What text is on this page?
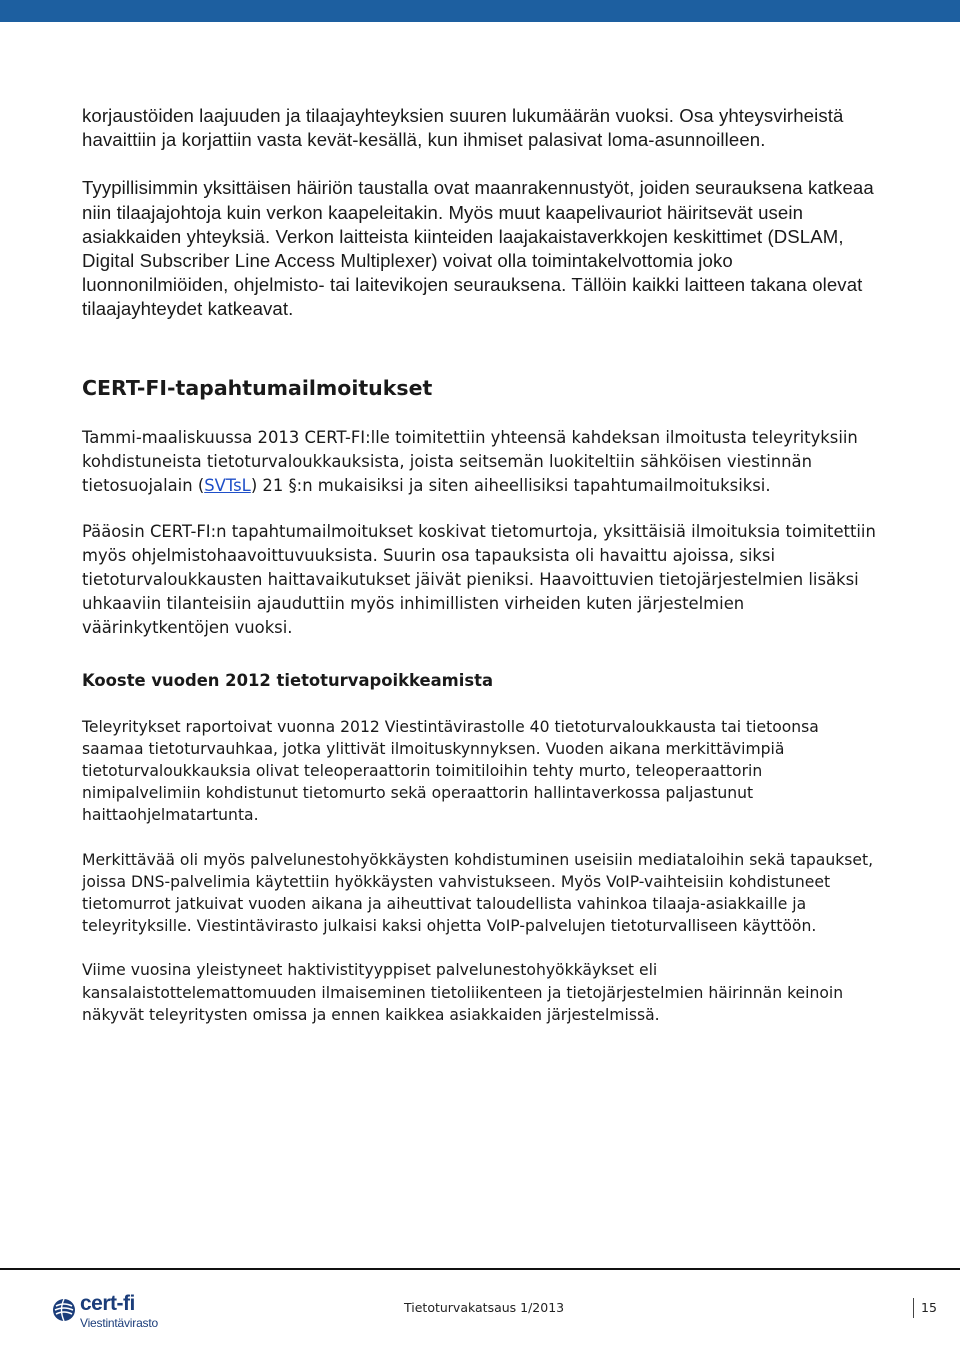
korjaustöiden laajuuden ja tilaajayhteyksien suuren lukumäärän vuoksi. Osa yhteysvirheistä havaittiin ja korjattiin vasta kevät-kesällä, kun ihmiset palasivat loma-asunnoilleen.

Tyypillisimmin yksittäisen häiriön taustalla ovat maanrakennustyöt, joiden seurauksena katkeaa niin tilaajajohtoja kuin verkon kaapeleitakin. Myös muut kaapelivauriot häiritsevät usein asiakkaiden yhteyksiä. Verkon laitteista kiinteiden laajakaistaverkkojen keskittimet (DSLAM, Digital Subscriber Line Access Multiplexer) voivat olla toimintakelvottomia joko luonnonilmiöiden, ohjelmisto- tai laitevikojen seurauksena. Tällöin kaikki laitteen takana olevat tilaajayhteydet katkeavat.

CERT-FI-tapahtumailmoitukset

Tammi-maaliskuussa 2013 CERT-FI:lle toimitettiin yhteensä kahdeksan ilmoitusta teleyrityksiin kohdistuneista tietoturvaloukkauksista, joista seitsemän luokiteltiin sähköisen viestinnän tietosuojalain (SVTsL) 21 §:n mukaisiksi ja siten aiheellisiksi tapahtumailmoituksiksi.

Pääosin CERT-FI:n tapahtumailmoitukset koskivat tietomurtoja, yksittäisiä ilmoituksia toimitettiin myös ohjelmistohaavoittuvuuksista. Suurin osa tapauksista oli havaittu ajoissa, siksi tietoturvaloukkausten haittavaikutukset jäivät pieniksi. Haavoittuvien tietojärjestelmien lisäksi uhkaaviin tilanteisiin ajauduttiin myös inhimillisten virheiden kuten järjestelmien väärinkytkentöjen vuoksi.

Kooste vuoden 2012 tietoturvapoikkeamista

Teleyritykset raportoivat vuonna 2012 Viestintävirastolle 40 tietoturvaloukkausta tai tietoonsa saamaa tietoturvauhkaa, jotka ylittivät ilmoituskynnyksen. Vuoden aikana merkittävimpiä tietoturvaloukkauksia olivat teleoperaattorin toimitiloihin tehty murto, teleoperaattorin nimipalvelimiin kohdistunut tietomurto sekä operaattorin hallintaverkossa paljastunut haittaohjelmatartunta.

Merkittävää oli myös palvelunestohyökkäysten kohdistuminen useisiin mediataloihin sekä tapaukset, joissa DNS-palvelimia käytettiin hyökkäysten vahvistukseen. Myös VoIP-vaihteisiin kohdistuneet tietomurrot jatkuivat vuoden aikana ja aiheuttivat taloudellista vahinkoa tilaaja-asiakkaille ja teleyrityksille. Viestintävirasto julkaisi kaksi ohjetta VoIP-palvelujen tietoturvalliseen käyttöön.

Viime vuosina yleistyneet haktivistityyppiset palvelunestohyökkäykset eli kansalaistottelemattomuuden ilmaiseminen tietoliikenteen ja tietojärjestelmien häirinnän keinoin näkyvät teleyritysten omissa ja ennen kaikkea asiakkaiden järjestelmissä.

cert-fi
Viestintävirasto
Tietoturvakatsaus 1/2013	15
